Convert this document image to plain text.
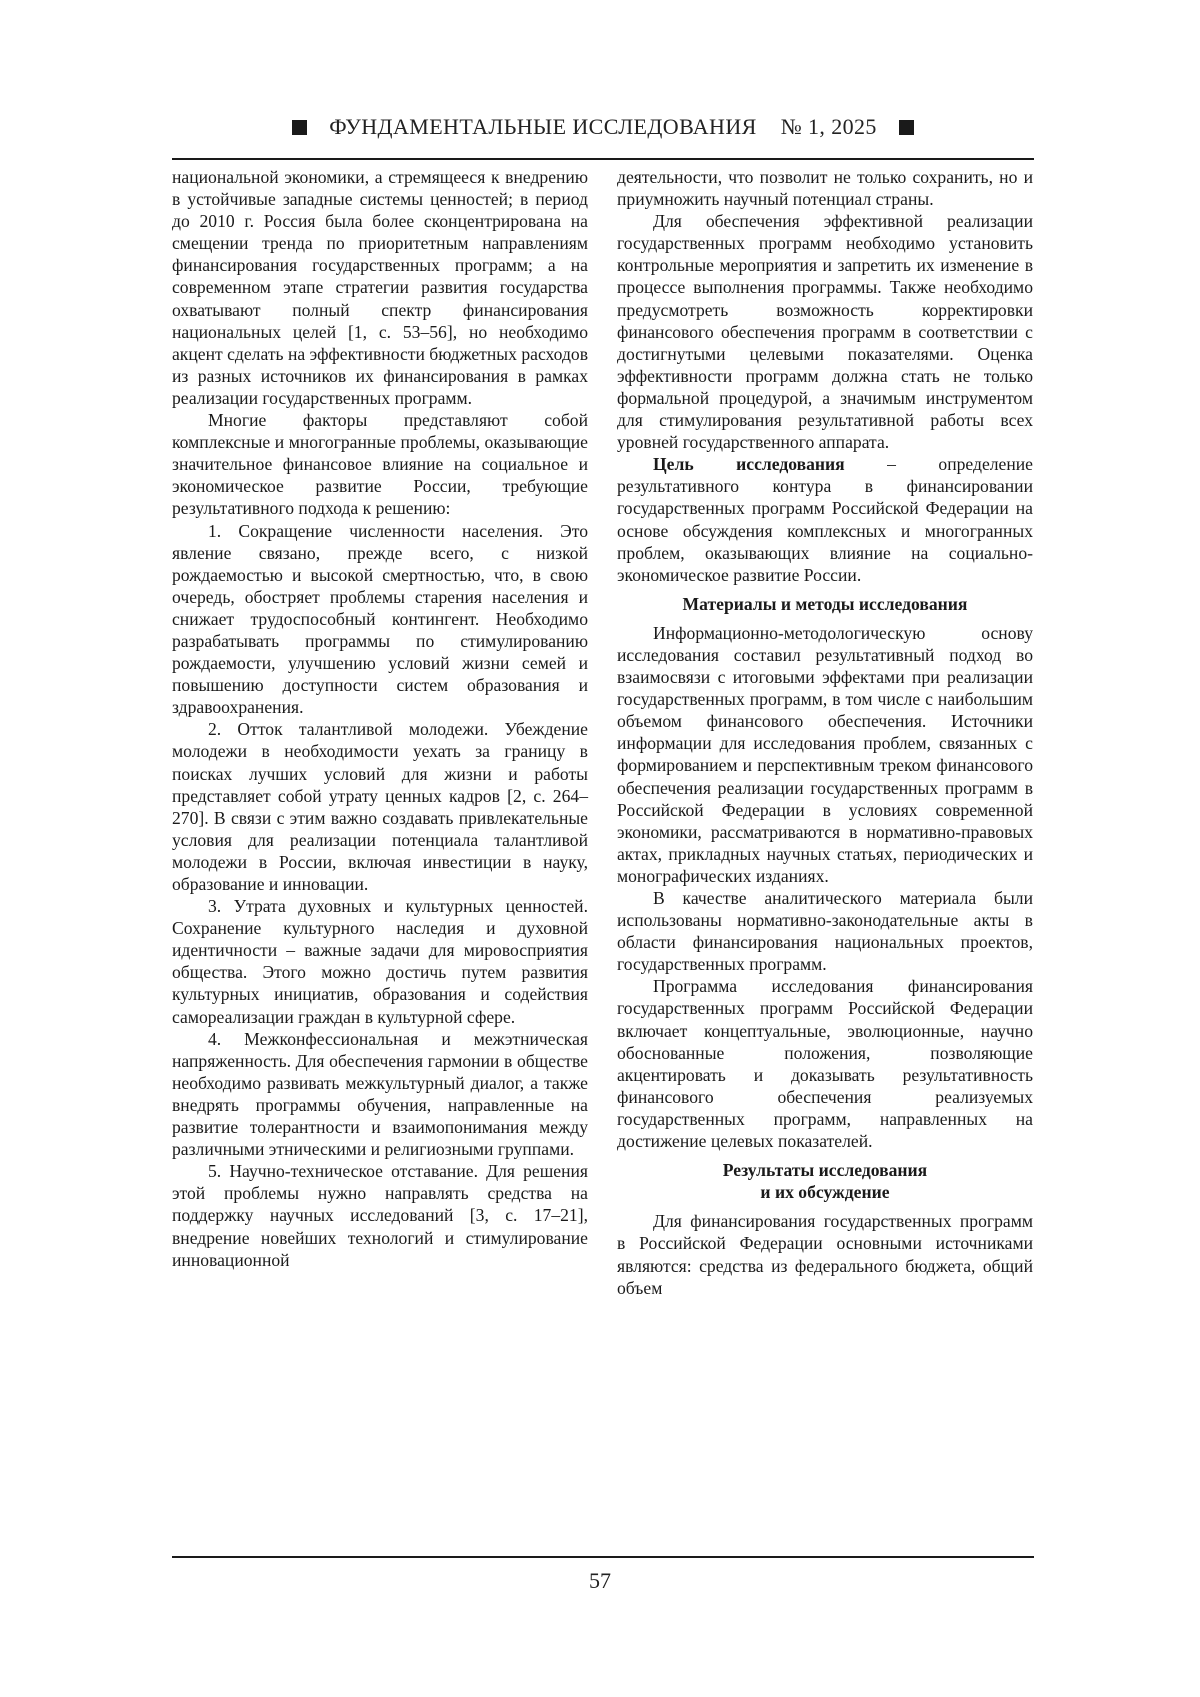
ФУНДАМЕНТАЛЬНЫЕ ИССЛЕДОВАНИЯ № 1, 2025

национальной экономики, а стремящееся к внедрению в устойчивые западные системы ценностей; в период до 2010 г. Россия была более сконцентрирована на смещении тренда по приоритетным направлениям финансирования государственных программ; а на современном этапе стратегии развития государства охватывают полный спектр финансирования национальных целей [1, с. 53–56], но необходимо акцент сделать на эффективности бюджетных расходов из разных источников их финансирования в рамках реализации государственных программ.

Многие факторы представляют собой комплексные и многогранные проблемы, оказывающие значительное финансовое влияние на социальное и экономическое развитие России, требующие результативного подхода к решению:

1. Сокращение численности населения. Это явление связано, прежде всего, с низкой рождаемостью и высокой смертностью, что, в свою очередь, обостряет проблемы старения населения и снижает трудоспособный контингент. Необходимо разрабатывать программы по стимулированию рождаемости, улучшению условий жизни семей и повышению доступности систем образования и здравоохранения.

2. Отток талантливой молодежи. Убеждение молодежи в необходимости уехать за границу в поисках лучших условий для жизни и работы представляет собой утрату ценных кадров [2, с. 264–270]. В связи с этим важно создавать привлекательные условия для реализации потенциала талантливой молодежи в России, включая инвестиции в науку, образование и инновации.

3. Утрата духовных и культурных ценностей. Сохранение культурного наследия и духовной идентичности – важные задачи для мировосприятия общества. Этого можно достичь путем развития культурных инициатив, образования и содействия самореализации граждан в культурной сфере.

4. Межконфессиональная и межэтническая напряженность. Для обеспечения гармонии в обществе необходимо развивать межкультурный диалог, а также внедрять программы обучения, направленные на развитие толерантности и взаимопонимания между различными этническими и религиозными группами.

5. Научно-техническое отставание. Для решения этой проблемы нужно направлять средства на поддержку научных исследований [3, с. 17–21], внедрение новейших технологий и стимулирование инновационной

деятельности, что позволит не только сохранить, но и приумножить научный потенциал страны.

Для обеспечения эффективной реализации государственных программ необходимо установить контрольные мероприятия и запретить их изменение в процессе выполнения программы. Также необходимо предусмотреть возможность корректировки финансового обеспечения программ в соответствии с достигнутыми целевыми показателями. Оценка эффективности программ должна стать не только формальной процедурой, а значимым инструментом для стимулирования результативной работы всех уровней государственного аппарата.

Цель исследования – определение результативного контура в финансировании государственных программ Российской Федерации на основе обсуждения комплексных и многогранных проблем, оказывающих влияние на социально-экономическое развитие России.

Материалы и методы исследования

Информационно-методологическую основу исследования составил результативный подход во взаимосвязи с итоговыми эффектами при реализации государственных программ, в том числе с наибольшим объемом финансового обеспечения. Источники информации для исследования проблем, связанных с формированием и перспективным треком финансового обеспечения реализации государственных программ в Российской Федерации в условиях современной экономики, рассматриваются в нормативно-правовых актах, прикладных научных статьях, периодических и монографических изданиях.

В качестве аналитического материала были использованы нормативно-законодательные акты в области финансирования национальных проектов, государственных программ.

Программа исследования финансирования государственных программ Российской Федерации включает концептуальные, эволюционные, научно обоснованные положения, позволяющие акцентировать и доказывать результативность финансового обеспечения реализуемых государственных программ, направленных на достижение целевых показателей.

Результаты исследования
и их обсуждение

Для финансирования государственных программ в Российской Федерации основными источниками являются: средства из федерального бюджета, общий объем

57
